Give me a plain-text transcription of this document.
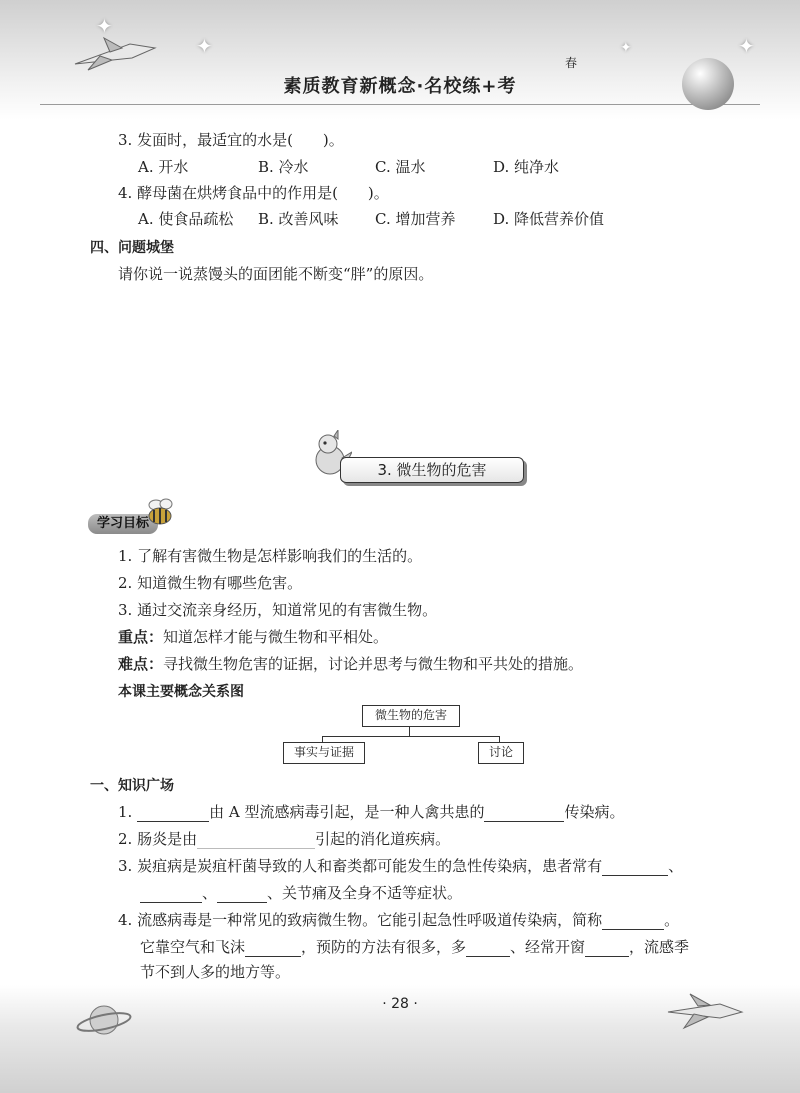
✦
✦	✦
✦
春
素质教育新概念·名校练+考
3. 发面时，最适宜的水是(　　)。
A. 开水	B. 冷水	C. 温水	D. 纯净水
4. 酵母菌在烘烤食品中的作用是(　　)。
A. 使食品疏松 B. 改善风味 C. 增加营养	D. 降低营养价值
四、问题城堡
请你说一说蒸馒头的面团能不断变“胖”的原因。
3. 微生物的危害
学习目标
1. 了解有害微生物是怎样影响我们的生活的。
2. 知道微生物有哪些危害。
3. 通过交流亲身经历，知道常见的有害微生物。
重点：知道怎样才能与微生物和平相处。
难点：寻找微生物危害的证据，讨论并思考与微生物和平共处的措施。
本课主要概念关系图
微生物的危害
事实与证据	讨论
一、知识广场
1.	由 A 型流感病毒引起，是一种人禽共患的	传染病。
2. 肠炎是由	引起的消化道疾病。
3. 炭疽病是炭疽杆菌导致的人和畜类都可能发生的急性传染病，患者常有	、
、	、关节痛及全身不适等症状。
4. 流感病毒是一种常见的致病微生物。它能引起急性呼吸道传染病，简称	。
它靠空气和飞沫	，预防的方法有很多，多	、经常开窗	，流感季
节不到人多的地方等。
· 28 ·
